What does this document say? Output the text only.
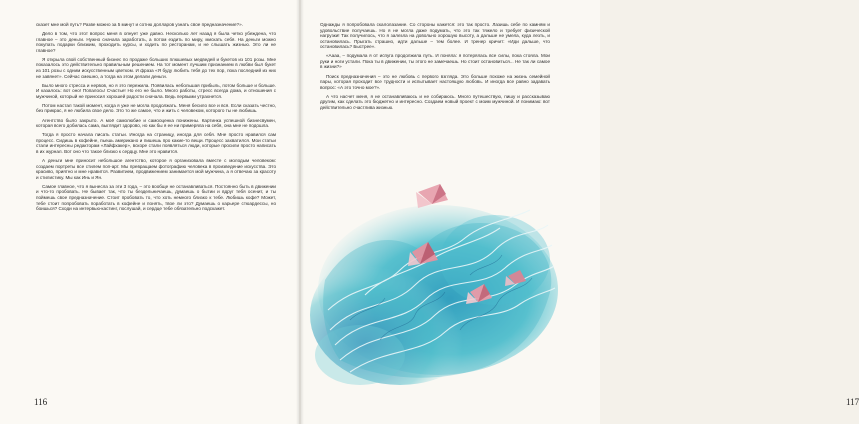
сказет мне мой путь? Разве можно за 5 минут и сотню долларов узнать свое предназначение?».

Дело в том, что этот вопрос меня в опнует уже давно. Несколько лет назад я была четко убеждена, что главное – это деньги. Нужно сначала заработать, а потом ездить по миру, мискать себя. На деньги можно покупать подарки близким, проходить курсы, и ходить по ресторанам, и не слышать жизнью. Это ли не главное?

Я открыла свой собственный бизнес по продаже больших плюшевых медведей и букетов из 101 розы. Мне показалось это действительно правильным решением. На тот момент лучшим признанием в любви был букет из 101 розы с одним искусственным цветком. И фраза «Я буду любить тебя до тех пор, пока последний из них не завянет». Сейчас смешно, а тогда на этом делали деньги.

Было много стресса и нервов, но я это пережила. Появилась небольшая прибыль, потом больше и больше. И казалось: вот оно! Попалось! Счастье! Но его не было. Много работы, стресс всегда дома, и отношения с мужчиной, который не приносил хорошей радости сначала. Ведь первыми утрахнется.

Потом настал такой момент, когда я уже не могла продолжать. Меня бесило все и вся. Если сказать честно, без прикрас, я не любила свое дело. Это то же самое, что и жить с человеком, которого ты не любишь.

Агентство было закрыто. А моё самолюбие и самооценка понижены. Картинка успешной бизнесвумен, которая всего добилась сама, выглядит здорово, но как бы я ее ни примеряла на себя, она мне не подошла.

Тогда я просто начала писать статьи. Иногда на страницу, иногда для себя. Мне просто нравился сам процесс. Сидишь в кофейне, пьешь американо и пишешь про какие-то вещи. Процесс захватился. Мои статьи стали интересны редакторам «Лайфхакер», вскоре стали появляться люди, которые просили просто написать в их журнал. Вот оно что такое близко к сердцу. Мне это нравится.

А деньги мне приносит небольшое агентство, которое я организовала вместе с молодым человеком: создаем портреты все стилем поп-арт. Мы превращаем фотографию человека в произведение искусства. Это красиво, приятно и мне нравится. Развитием, продвижением занимается мой мужчина, а я отвечаю за красоту и стилистику. Мы как Инь и Ян.

Самое главное, что я вынесла за эти 3 года, – это вообще не останавливаться. Постоянно быть в движении и что-то пробовать. Не бывает так, что ты бездельничаешь, думаешь о бытии и вдруг тебя осенит, и ты поймешь свое предназначение. Стоит пробовать то, что хоть немного близко к тебе. Любишь кофе? Может, тебе стоит попробовать поработать в кофейне и понять, твое ли это? Думаешь о карьере стюардессы, но боишься? Сходи на интервью-кастинг, послушай, и сердце тебе обязательно подскажет.

116	117

Однажды я попробовала скалолазание. Со стороны кажется: это так просто. Лазишь себе по камням и удовольствие получаешь. Но я не могла даже подумать, что это так тяжело и требует физической нагрузки! Так получилось, что я залезла на довольно хорошую высоту, а дальше не умела, куда лезть, и остановилась. Прыгать страшно, идти дальше – тем более. И тренер кричит: «Иди дальше, что остановилась? Быстрее».

«Аааа, – подумала я от испуга продолжила путь. И поняла: я потерялась все силы, пока стояла. Мои руки и ноги устали. Пока ты в движении, ты этого не замечаешь. Но стоит остановиться... Не так ли самое в жизни?»

Поиск предназначения – это не любовь с первого взгляда. Это больше похоже на жизнь семейной пары, которая проходит все трудности и испытывает настоящую любовь. И иногда все равно задавать вопрос: «А это точно мое?».

А что насчет меня, я не останавливаюсь и не собираюсь. Много путешествую, пишу и рассказываю другим, как сделать это бюджетно и интересно. Создаем новый проект с моим мужчиной. И понимаю: вот действительно счастлива жизнью.
